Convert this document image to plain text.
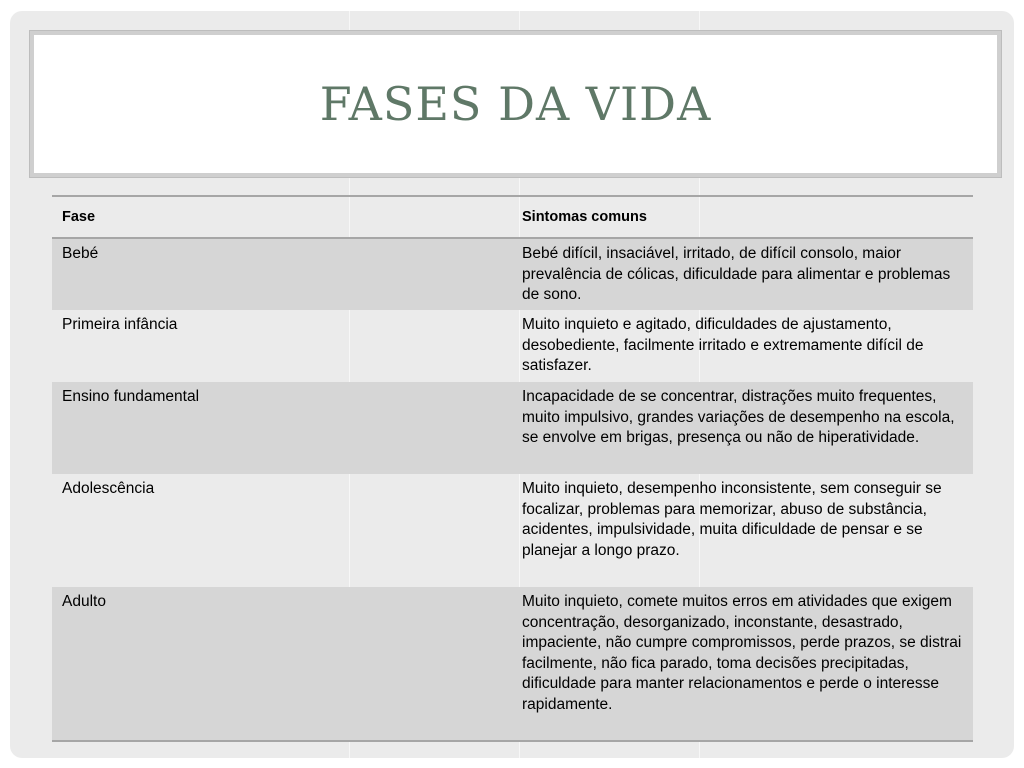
FASES DA VIDA
Fase	Sintomas comuns
Bebé	Bebé difícil, insaciável, irritado, de difícil consolo, maior prevalência de cólicas, dificuldade para alimentar e problemas de sono.
Primeira infância	Muito inquieto e agitado, dificuldades de ajustamento, desobediente, facilmente irritado e extremamente difícil de satisfazer.
Ensino fundamental	Incapacidade de se concentrar, distrações muito frequentes, muito impulsivo, grandes variações de desempenho na escola, se envolve em brigas, presença ou não de hiperatividade.
Adolescência	Muito inquieto, desempenho inconsistente, sem conseguir se focalizar, problemas para memorizar, abuso de substância, acidentes, impulsividade, muita dificuldade de pensar e se planejar a longo prazo.
Adulto	Muito inquieto, comete muitos erros em atividades que exigem concentração, desorganizado, inconstante, desastrado, impaciente, não cumpre compromissos, perde prazos, se distrai facilmente, não fica parado, toma decisões precipitadas, dificuldade para manter relacionamentos e perde o interesse rapidamente.
